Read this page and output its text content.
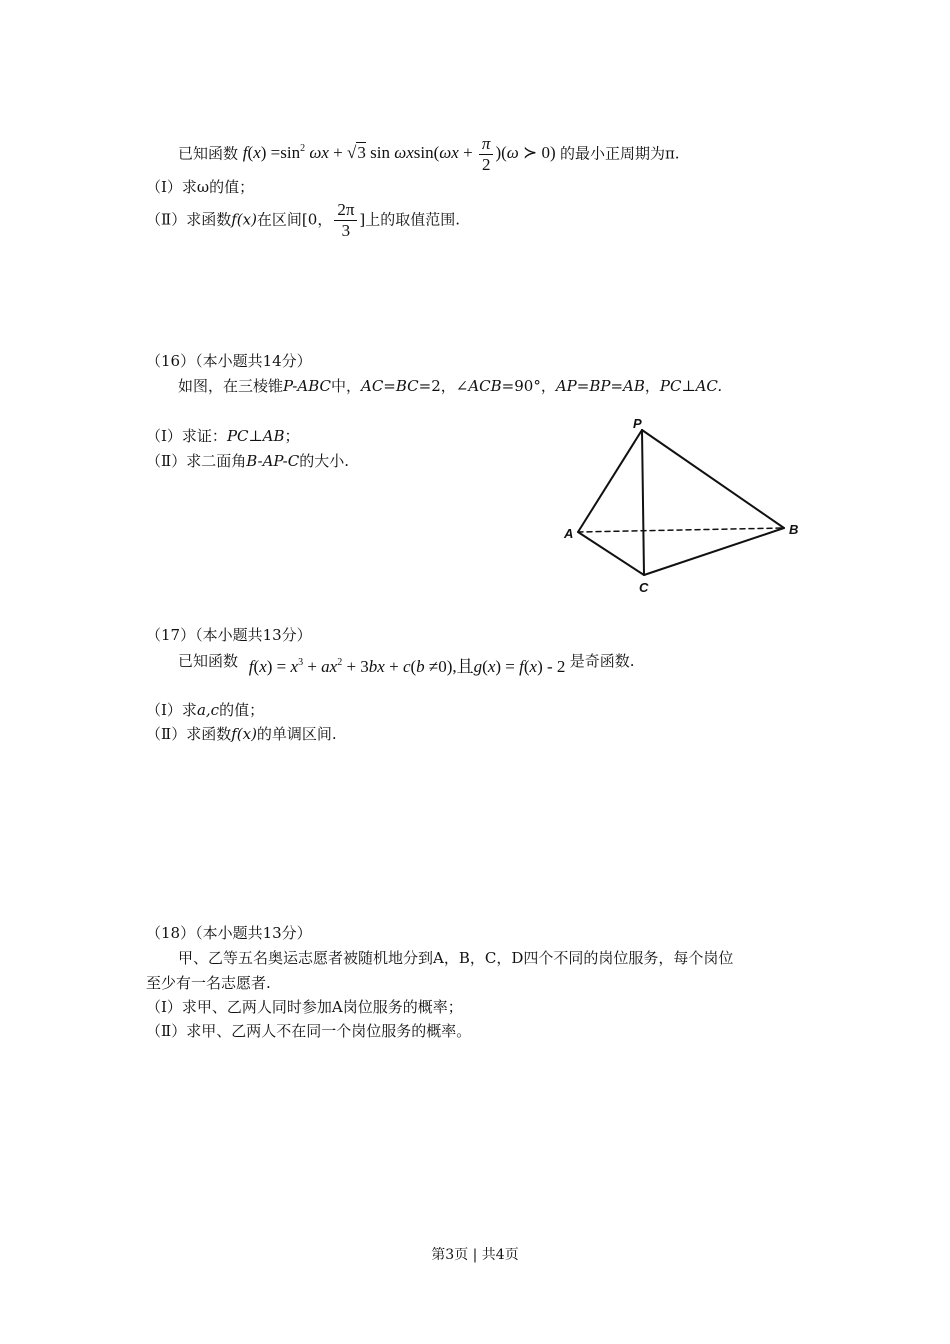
已知函数 $f(x) =\sin^2$ ωx + √3 $\sin \omega xsin(\omega x + \frac{\pi}{2} )(\omega$ ≻ 0) 的最小正周期为π.
（Ⅰ）求ω的值；
（Ⅱ）求函数f(x)在区间[0， $\frac{2\pi}{3}$ ]上的取值范围.
（16）（本小题共14分）
如图，在三棱锥P-ABC中，AC=BC=2，∠ACB=90°，AP=BP=AB，PC⊥AC.
（Ⅰ）求证：PC⊥AB；
（Ⅱ）求二面角B-AP-C的大小.
P
A	B
C
（17）（本小题共13分）
已知函数 $f(x) = x^3 + ax^2 + 3bx + c(b \ne 0)$,且g(x) = f(x) - 2 是奇函数.
（Ⅰ）求a,c的值；
（Ⅱ）求函数f(x)的单调区间.
（18）（本小题共13分）
甲、乙等五名奥运志愿者被随机地分到A，B，C，D四个不同的岗位服务，每个岗位
至少有一名志愿者.
（Ⅰ）求甲、乙两人同时参加A岗位服务的概率；
（Ⅱ）求甲、乙两人不在同一个岗位服务的概率。
第3页 | 共4页
